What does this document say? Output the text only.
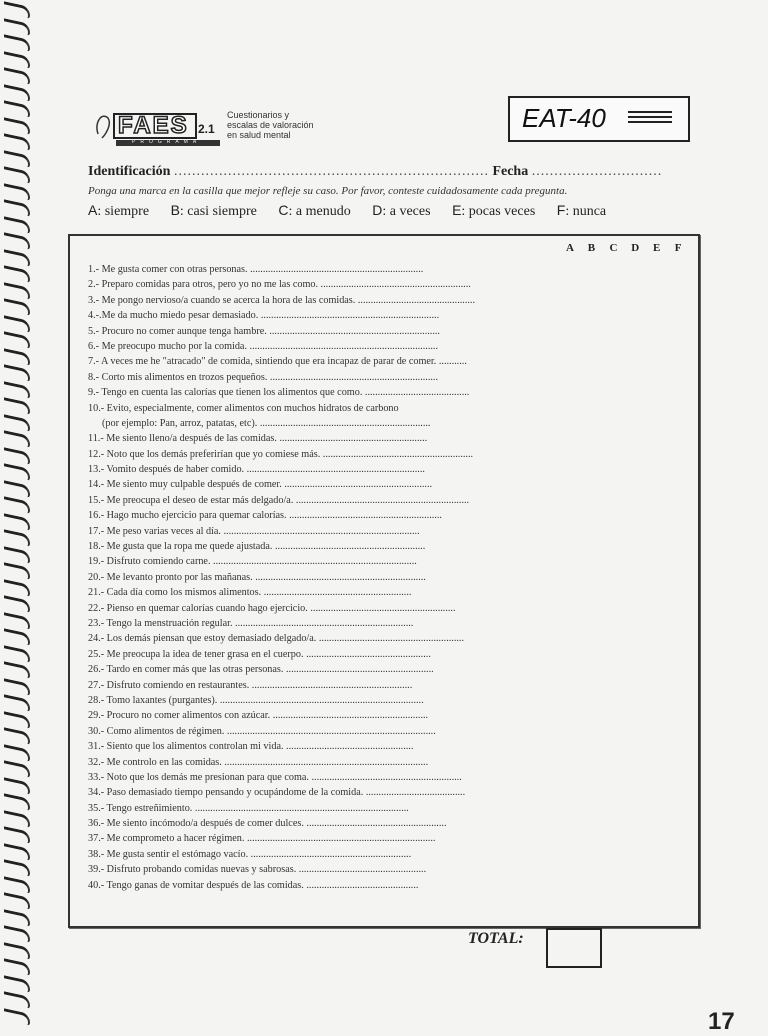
FAES 2.1
PROGRAMA
Cuestionarios y
escalas de valoración
en salud mental
EAT-40
Identificación ...................................................................... Fecha .............................
Ponga una marca en la casilla que mejor refleje su caso. Por favor, conteste cuidadosamente cada pregunta.
A: siempre B: casi siempre C: a menudo D: a veces E: pocas veces F: nunca
A B C D E F
1.- Me gusta comer con otras personas. ....................................................................
2.- Preparo comidas para otros, pero yo no me las como. ...........................................................
3.- Me pongo nervioso/a cuando se acerca la hora de las comidas. ..............................................
4.-.Me da mucho miedo pesar demasiado. ......................................................................
5.- Procuro no comer aunque tenga hambre. ...................................................................
6.- Me preocupo mucho por la comida. ..........................................................................
7.- A veces me he "atracado" de comida, sintiendo que era incapaz de parar de comer. ...........
8.- Corto mis alimentos en trozos pequeños. ..................................................................
9.- Tengo en cuenta las calorías que tienen los alimentos que como. .........................................
10.- Evito, especialmente, comer alimentos con muchos hidratos de carbono
(por ejemplo: Pan, arroz, patatas, etc). ...................................................................
11.- Me siento lleno/a después de las comidas. ..........................................................
12.- Noto que los demás preferirían que yo comiese más. ...........................................................
13.- Vomito después de haber comido. ......................................................................
14.- Me siento muy culpable después de comer. ..........................................................
15.- Me preocupa el deseo de estar más delgado/a. ....................................................................
16.- Hago mucho ejercicio para quemar calorías. ............................................................
17.- Me peso varias veces al día. .............................................................................
18.- Me gusta que la ropa me quede ajustada. ...........................................................
19.- Disfruto comiendo carne. ................................................................................
20.- Me levanto pronto por las mañanas. ...................................................................
21.- Cada día como los mismos alimentos. ..........................................................
22.- Pienso en quemar calorías cuando hago ejercicio. .........................................................
23.- Tengo la menstruación regular. ......................................................................
24.- Los demás piensan que estoy demasiado delgado/a. .........................................................
25.- Me preocupa la idea de tener grasa en el cuerpo. .................................................
26.- Tardo en comer más que las otras personas. ..........................................................
27.- Disfruto comiendo en restaurantes. ...............................................................
28.- Tomo laxantes (purgantes). ................................................................................
29.- Procuro no comer alimentos con azúcar. .............................................................
30.- Como alimentos de régimen. ..................................................................................
31.- Siento que los alimentos controlan mi vida. ..................................................
32.- Me controlo en las comidas. ................................................................................
33.- Noto que los demás me presionan para que coma. ...........................................................
34.- Paso demasiado tiempo pensando y ocupándome de la comida. .......................................
35.- Tengo estreñimiento. ....................................................................................
36.- Me siento incómodo/a después de comer dulces. .......................................................
37.- Me comprometo a hacer régimen. ..........................................................................
38.- Me gusta sentir el estómago vacío. ...............................................................
39.- Disfruto probando comidas nuevas y sabrosas. ..................................................
40.- Tengo ganas de vomitar después de las comidas. ............................................
TOTAL:
17
